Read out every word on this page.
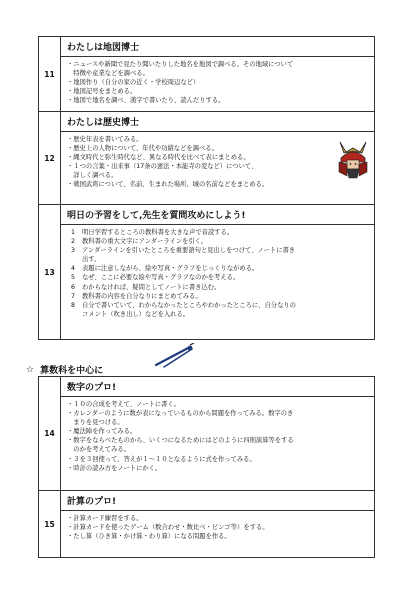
11
わたしは地図博士
・ニュースや新聞で見たり聞いたりした地名を地図で調べる。その地域について
　特徴や産業などを調べる。
・地図作り（自分の家の近く・学校周辺など）
・地図記号をまとめる。
・地図で地名を調べ、漢字で書いたり、読んだりする。
12
わたしは歴史博士
・歴史年表を書いてみる。
・歴史上の人物について、年代や功績などを調べる。
・縄文時代と弥生時代など、異なる時代を比べて表にまとめる。
・１つの言葉・出来事（17条の憲法・本能寺の変など）について、
　詳しく調べる。
・戦国武将について、名前、生まれた場所、城の名前などをまとめる。
13
明日の予習をして,先生を質問攻めにしよう!
1	明日学習するところの教科書を大きな声で音読する。
2	教科書の重大文字にアンダーラインを引く。
3	アンダーラインを引いたところを重要語句と見出しをつけて、ノートに書き
出す。
4	表題に注意しながら、絵や写真・グラフをじっくりながめる。
5	なぜ、ここに必要な絵や写真・グラフなのかを考える。
6	わからなければ、疑問としてノートに書き込む。
7	教科書の内容を自分なりにまとめてみる。
8	自分で書いていて、わからなかったところやわかったところに、自分なりの
コメント（吹き出し）などを入れる。
☆ 算数科を中心に
14
数字のプロ!
・１０の合成を考えて、ノートに書く。
・カレンダーのように数が表になっているものから問題を作ってみる。数字のき
　まりを見つける。
・魔法陣を作ってみる。
・数字をならべたものから、いくつになるためにはどのように四則演算等をする
　のかを考えてみる。
・３を３回使って、答えが１～１０となるように式を作ってみる。
・時計の読み方をノートにかく。
15
計算のプロ!
・計算カード練習をする。
・計算カードを使ったゲーム（数合わせ・数比べ・ビンゴ等）をする。
・たし算（ひき算・かけ算・わり算）になる問題を作る。
